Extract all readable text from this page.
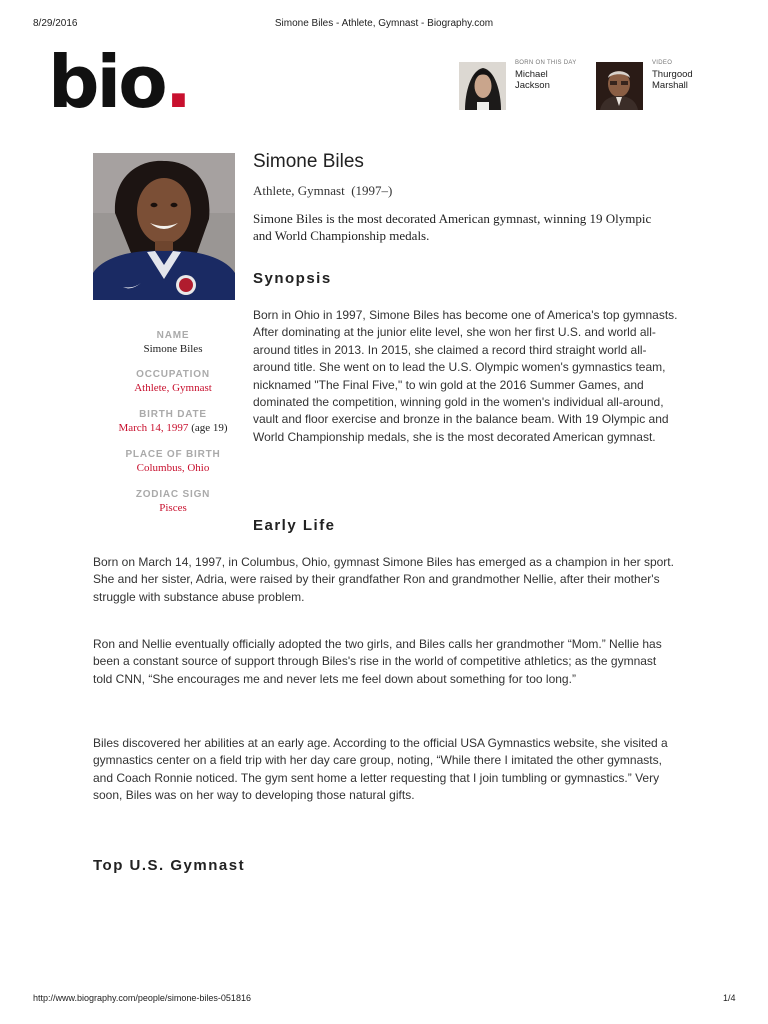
8/29/2016	Simone Biles - Athlete, Gymnast - Biography.com
bio.	BORN ON THIS DAY
Michael Jackson
VIDEO
Thurgood Marshall
NAME
Simone Biles
OCCUPATION
Athlete, Gymnast
BIRTH DATE
March 14, 1997 (age 19)
PLACE OF BIRTH
Columbus, Ohio
ZODIAC SIGN
Pisces
Simone Biles
Athlete, Gymnast (1997–)
Simone Biles is the most decorated American gymnast, winning 19 Olympic and World Championship medals.
Synopsis
Born in Ohio in 1997, Simone Biles has become one of America's top gymnasts. After dominating at the junior elite level, she won her first U.S. and world all-around titles in 2013. In 2015, she claimed a record third straight world all-around title. She went on to lead the U.S. Olympic women's gymnastics team, nicknamed "The Final Five," to win gold at the 2016 Summer Games, and dominated the competition, winning gold in the women's individual all-around, vault and floor exercise and bronze in the balance beam. With 19 Olympic and World Championship medals, she is the most decorated American gymnast.
Early Life
Born on March 14, 1997, in Columbus, Ohio, gymnast Simone Biles has emerged as a champion in her sport. She and her sister, Adria, were raised by their grandfather Ron and grandmother Nellie, after their mother's struggle with substance abuse problem.
Ron and Nellie eventually officially adopted the two girls, and Biles calls her grandmother “Mom.” Nellie has been a constant source of support through Biles's rise in the world of competitive athletics; as the gymnast told CNN, “She encourages me and never lets me feel down about something for too long.”
Biles discovered her abilities at an early age. According to the official USA Gymnastics website, she visited a gymnastics center on a field trip with her day care group, noting, “While there I imitated the other gymnasts, and Coach Ronnie noticed. The gym sent home a letter requesting that I join tumbling or gymnastics.” Very soon, Biles was on her way to developing those natural gifts.
Top U.S. Gymnast
http://www.biography.com/people/simone-biles-051816	1/4
